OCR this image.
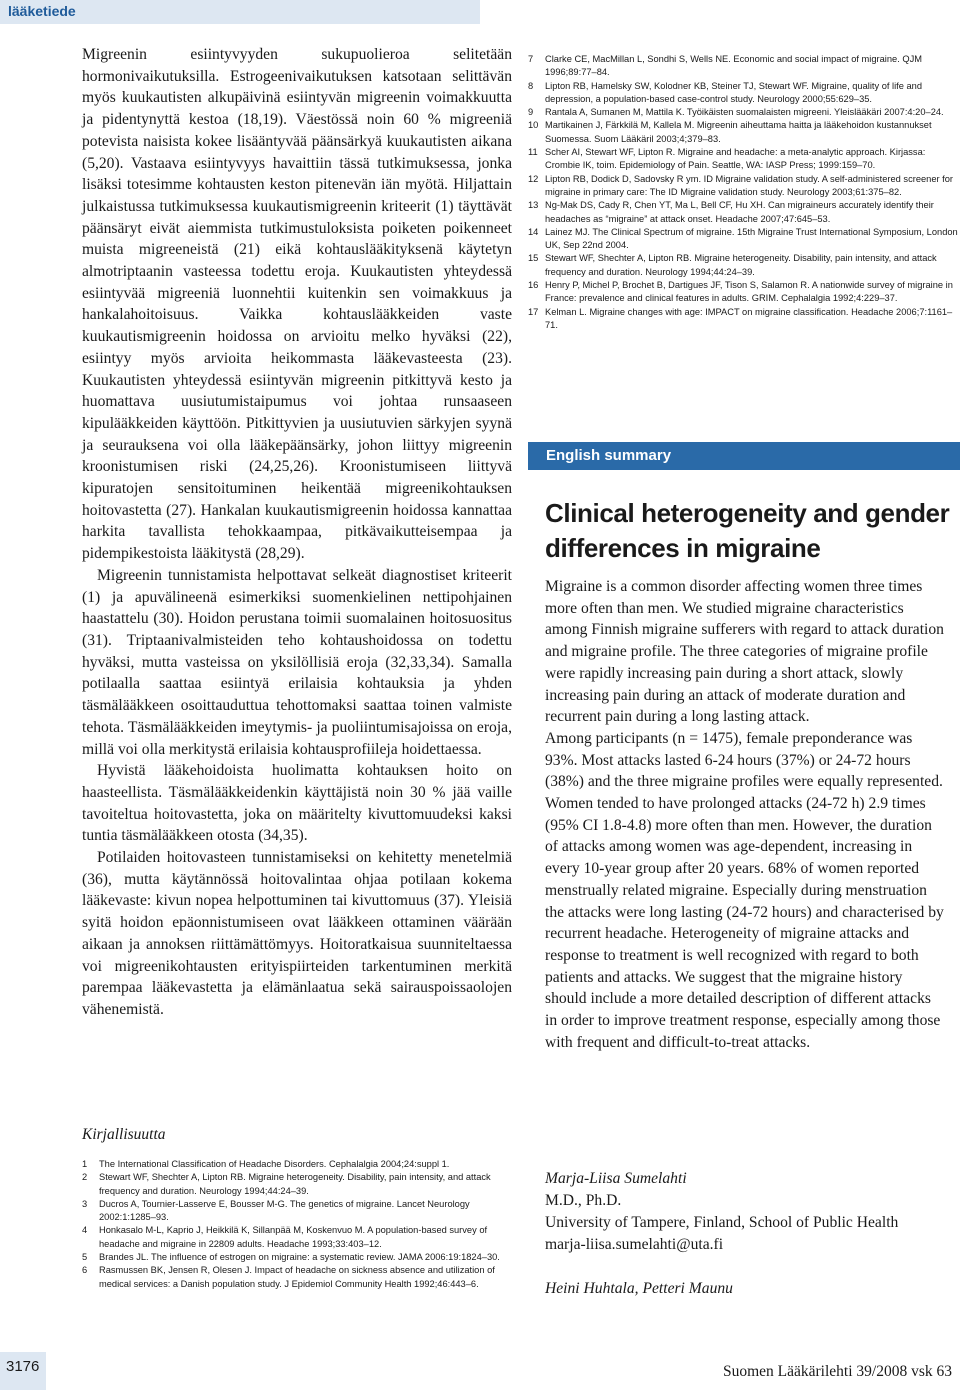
lääketiede

Migreenin esiintyvyyden sukupuolieroa selitetään hormonivaikutuksilla. Estrogeenivaikutuksen katsotaan selittävän myös kuukautisten alkupäivinä esiintyvän migreenin voimakkuutta ja pidentynyttä kestoa (18,19). Väestössä noin 60 % migreeniä potevista naisista kokee lisääntyvää päänsärkyä kuukautisten aikana (5,20). Vastaava esiintyvyys havaittiin tässä tutkimuksessa, jonka lisäksi totesimme kohtausten keston pitenevän iän myötä. Hiljattain julkaistussa tutkimuksessa kuukautismigreenin kriteerit (1) täyttävät päänsäryt eivät aiemmista tutkimustuloksista poiketen poikenneet muista migreeneistä (21) eikä kohtauslääkityksenä käytetyn almotriptaanin vasteessa todettu eroja. Kuukautisten yhteydessä esiintyvää migreeniä luonnehtii kuitenkin sen voimakkuus ja hankalahoitoisuus. Vaikka kohtauslääkkeiden vaste kuukautismigreenin hoidossa on arvioitu melko hyväksi (22), esiintyy myös arvioita heikommasta lääkevasteesta (23). Kuukautisten yhteydessä esiintyvän migreenin pitkittyvä kesto ja huomattava uusiutumistaipumus voi johtaa runsaaseen kipulääkkeiden käyttöön. Pitkittyvien ja uusiutuvien särkyjen syynä ja seurauksena voi olla lääkepäänsärky, johon liittyy migreenin kroonistumisen riski (24,25,26). Kroonistumiseen liittyvä kipuratojen sensitoituminen heikentää migreenikohtauksen hoitovastetta (27). Hankalan kuukautismigreenin hoidossa kannattaa harkita tavallista tehokkaampaa, pitkävaikutteisempaa ja pidempikestoista lääkitystä (28,29).

Migreenin tunnistamista helpottavat selkeät diagnostiset kriteerit (1) ja apuvälineenä esimerkiksi suomenkielinen nettipohjainen haastattelu (30). Hoidon perustana toimii suomalainen hoitosuositus (31). Triptaanivalmisteiden teho kohtaushoidossa on todettu hyväksi, mutta vasteissa on yksilöllisiä eroja (32,33,34). Samalla potilaalla saattaa esiintyä erilaisia kohtauksia ja yhden täsmälääkkeen osoittauduttua tehottomaksi saattaa toinen valmiste tehota. Täsmälääkkeiden imeytymis- ja puoliintumisajoissa on eroja, millä voi olla merkitystä erilaisia kohtausprofiileja hoidettaessa.

Hyvistä lääkehoidoista huolimatta kohtauksen hoito on haasteellista. Täsmälääkkeidenkin käyttäjistä noin 30 % jää vaille tavoiteltua hoitovastetta, joka on määritelty kivuttomuudeksi kaksi tuntia täsmälääkkeen otosta (34,35).

Potilaiden hoitovasteen tunnistamiseksi on kehitetty menetelmiä (36), mutta käytännössä hoitovalintaa ohjaa potilaan kokema lääkevaste: kivun nopea helpottuminen tai kivuttomuus (37). Yleisiä syitä hoidon epäonnistumiseen ovat lääkkeen ottaminen väärään aikaan ja annoksen riittämättömyys. Hoitoratkaisua suunniteltaessa voi migreenikohtausten erityispiirteiden tarkentuminen merkitä parempaa lääkevastetta ja elämänlaatua sekä sairauspoissaolojen vähenemistä.

Kirjallisuutta
1 The International Classification of Headache Disorders. Cephalalgia 2004;24:suppl 1.
2 Stewart WF, Shechter A, Lipton RB. Migraine heterogeneity. Disability, pain intensity, and attack frequency and duration. Neurology 1994;44:24–39.
3 Ducros A, Tournier-Lasserve E, Bousser M-G. The genetics of migraine. Lancet Neurology 2002:1:1285–93.
4 Honkasalo M-L, Kaprio J, Heikkilä K, Sillanpää M, Koskenvuo M. A population-based survey of headache and migraine in 22809 adults. Headache 1993;33:403–12.
5 Brandes JL. The influence of estrogen on migraine: a systematic review. JAMA 2006:19:1824–30.
6 Rasmussen BK, Jensen R, Olesen J. Impact of headache on sickness absence and utilization of medical services: a Danish population study. J Epidemiol Community Health 1992;46:443–6.
7 Clarke CE, MacMillan L, Sondhi S, Wells NE. Economic and social impact of migraine. QJM 1996;89:77–84.
8 Lipton RB, Hamelsky SW, Kolodner KB, Steiner TJ, Stewart WF. Migraine, quality of life and depression, a population-based case-control study. Neurology 2000;55:629–35.
9 Rantala A, Sumanen M, Mattila K. Työikäisten suomalaisten migreeni. Yleislääkäri 2007:4:20–24.
10 Martikainen J, Färkkilä M, Kallela M. Migreenin aiheuttama haitta ja lääkehoidon kustannukset Suomessa. Suom Lääkäril 2003;4;379–83.
11 Scher AI, Stewart WF, Lipton R. Migraine and headache: a meta-analytic approach. Kirjassa: Crombie IK, toim. Epidemiology of Pain. Seattle, WA: IASP Press; 1999:159–70.
12 Lipton RB, Dodick D, Sadovsky R ym. ID Migraine validation study. A self-administered screener for migraine in primary care: The ID Migraine validation study. Neurology 2003;61:375–82.
13 Ng-Mak DS, Cady R, Chen YT, Ma L, Bell CF, Hu XH. Can migraineurs accurately identify their headaches as “migraine” at attack onset. Headache 2007;47:645–53.
14 Lainez MJ. The Clinical Spectrum of migraine. 15th Migraine Trust International Symposium, London UK, Sep 22nd 2004.
15 Stewart WF, Shechter A, Lipton RB. Migraine heterogeneity. Disability, pain intensity, and attack frequency and duration. Neurology 1994;44:24–39.
16 Henry P, Michel P, Brochet B, Dartigues JF, Tison S, Salamon R. A nationwide survey of migraine in France: prevalence and clinical features in adults. GRIM. Cephalalgia 1992;4:229–37.
17 Kelman L. Migraine changes with age: IMPACT on migraine classification. Headache 2006;7:1161–71.
English summary
Clinical heterogeneity and gender differences in migraine

Migraine is a common disorder affecting women three times more often than men. We studied migraine characteristics among Finnish migraine sufferers with regard to attack duration and migraine profile. The three categories of migraine profile were rapidly increasing pain during a short attack, slowly increasing pain during an attack of moderate duration and recurrent pain during a long lasting attack.

Among participants (n = 1475), female preponderance was 93%. Most attacks lasted 6-24 hours (37%) or 24-72 hours (38%) and the three migraine profiles were equally represented. Women tended to have prolonged attacks (24-72 h) 2.9 times (95% CI 1.8-4.8) more often than men. However, the duration of attacks among women was age-dependent, increasing in every 10-year group after 20 years. 68% of women reported menstrually related migraine. Especially during menstruation the attacks were long lasting (24-72 hours) and characterised by recurrent headache. Heterogeneity of migraine attacks and response to treatment is well recognized with regard to both patients and attacks. We suggest that the migraine history should include a more detailed description of different attacks in order to improve treatment response, especially among those with frequent and difficult-to-treat attacks.

Marja-Liisa Sumelahti
M.D., Ph.D.
University of Tampere, Finland, School of Public Health
marja-liisa.sumelahti@uta.fi
Heini Huhtala, Petteri Maunu
3176	Suomen Lääkärilehti 39/2008 vsk 63
